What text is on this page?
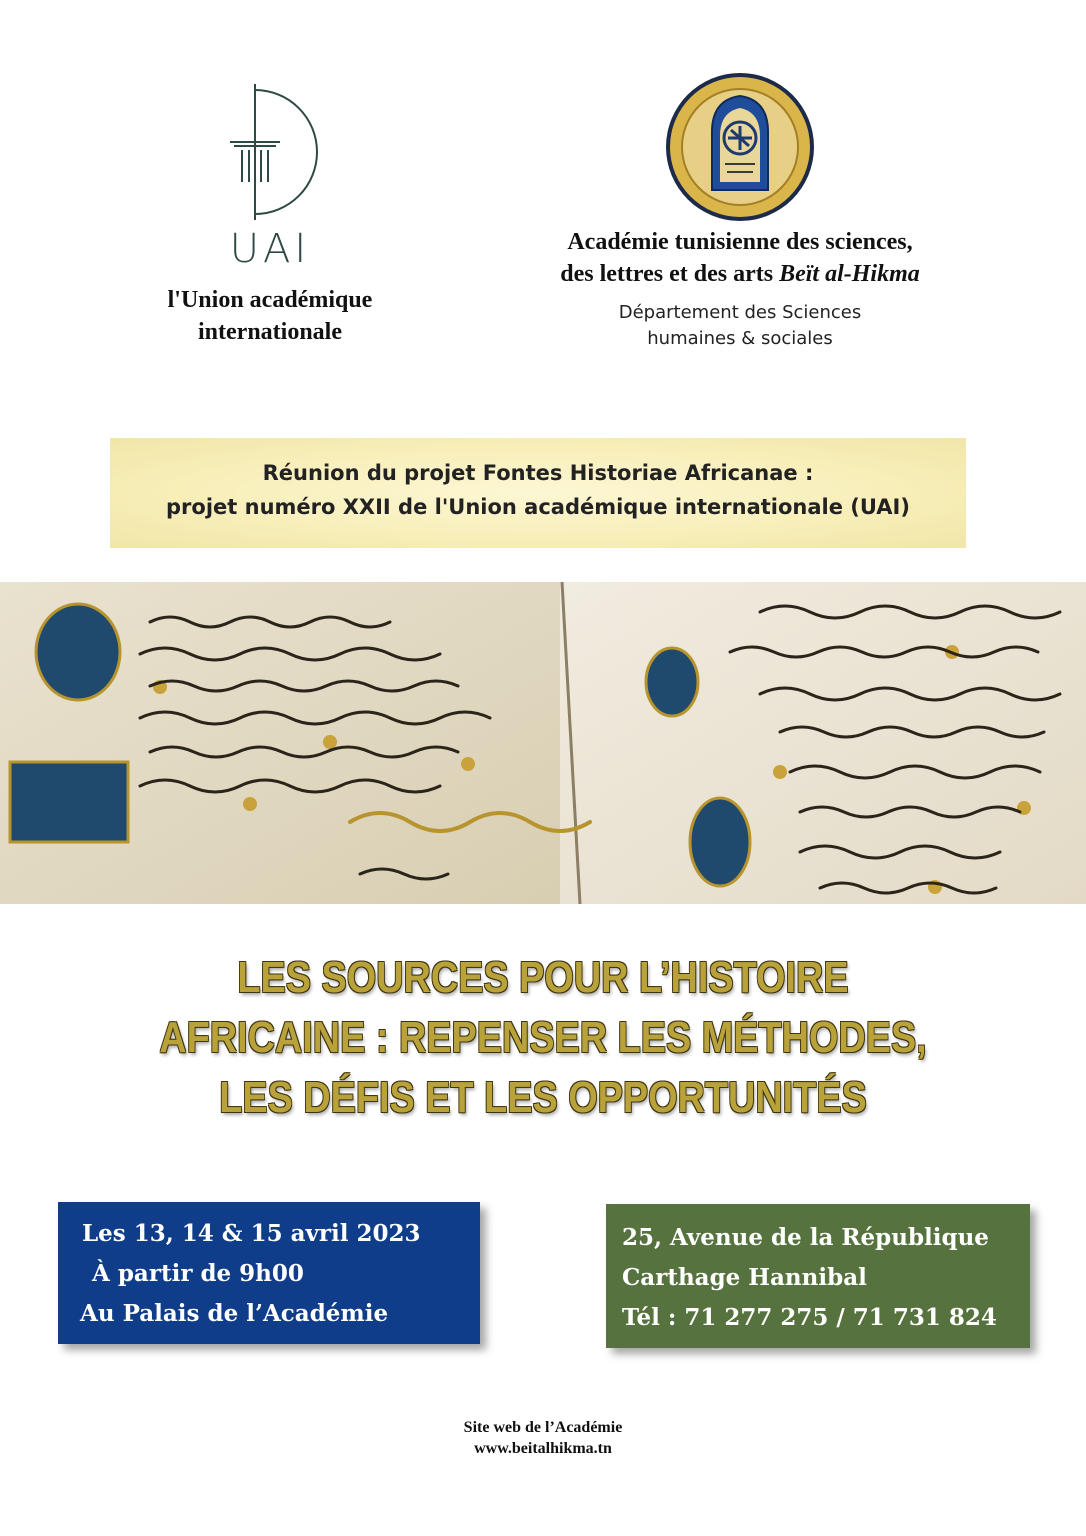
UAI
l'Union académique
internationale
Académie tunisienne des sciences,
des lettres et des arts Beït al-Hikma
Département des Sciences
humaines & sociales
Réunion du projet Fontes Historiae Africanae :
projet numéro XXII de l'Union académique internationale (UAI)
LES SOURCES POUR L’HISTOIRE
AFRICAINE : REPENSER LES MÉTHODES,
LES DÉFIS ET LES OPPORTUNITÉS
Les 13, 14 & 15 avril 2023
À partir de 9h00
Au Palais de l’Académie
25, Avenue de la République
Carthage Hannibal
Tél : 71 277 275 / 71 731 824
Site web de l’Académie
www.beitalhikma.tn
